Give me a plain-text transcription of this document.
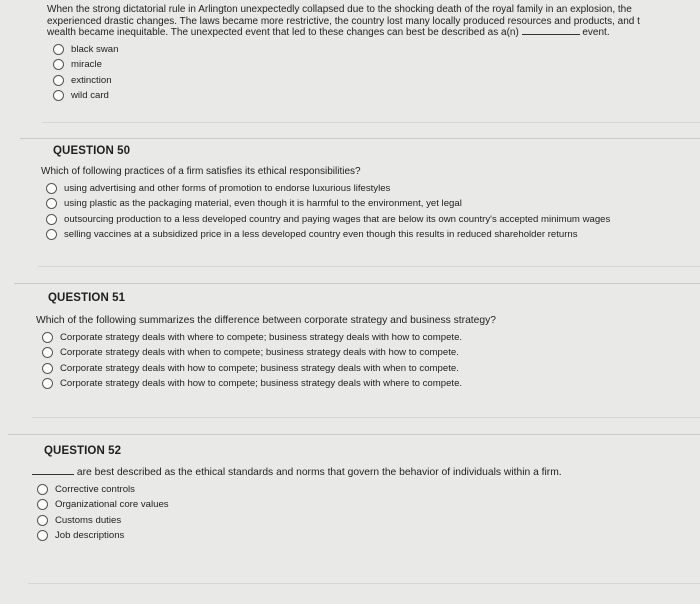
When the strong dictatorial rule in Arlington unexpectedly collapsed due to the shocking death of the royal family in an explosion, the
experienced drastic changes. The laws became more restrictive, the country lost many locally produced resources and products, and t
wealth became inequitable. The unexpected event that led to these changes can best be described as a(n)	event.
black swan
miracle
extinction
wild card
QUESTION 50
Which of following practices of a firm satisfies its ethical responsibilities?
using advertising and other forms of promotion to endorse luxurious lifestyles
using plastic as the packaging material, even though it is harmful to the environment, yet legal
outsourcing production to a less developed country and paying wages that are below its own country's accepted minimum wages
selling vaccines at a subsidized price in a less developed country even though this results in reduced shareholder returns
QUESTION 51
Which of the following summarizes the difference between corporate strategy and business strategy?
Corporate strategy deals with where to compete; business strategy deals with how to compete.
Corporate strategy deals with when to compete; business strategy deals with how to compete.
Corporate strategy deals with how to compete; business strategy deals with when to compete.
Corporate strategy deals with how to compete; business strategy deals with where to compete.
QUESTION 52
are best described as the ethical standards and norms that govern the behavior of individuals within a firm.
Corrective controls
Organizational core values
Customs duties
Job descriptions
